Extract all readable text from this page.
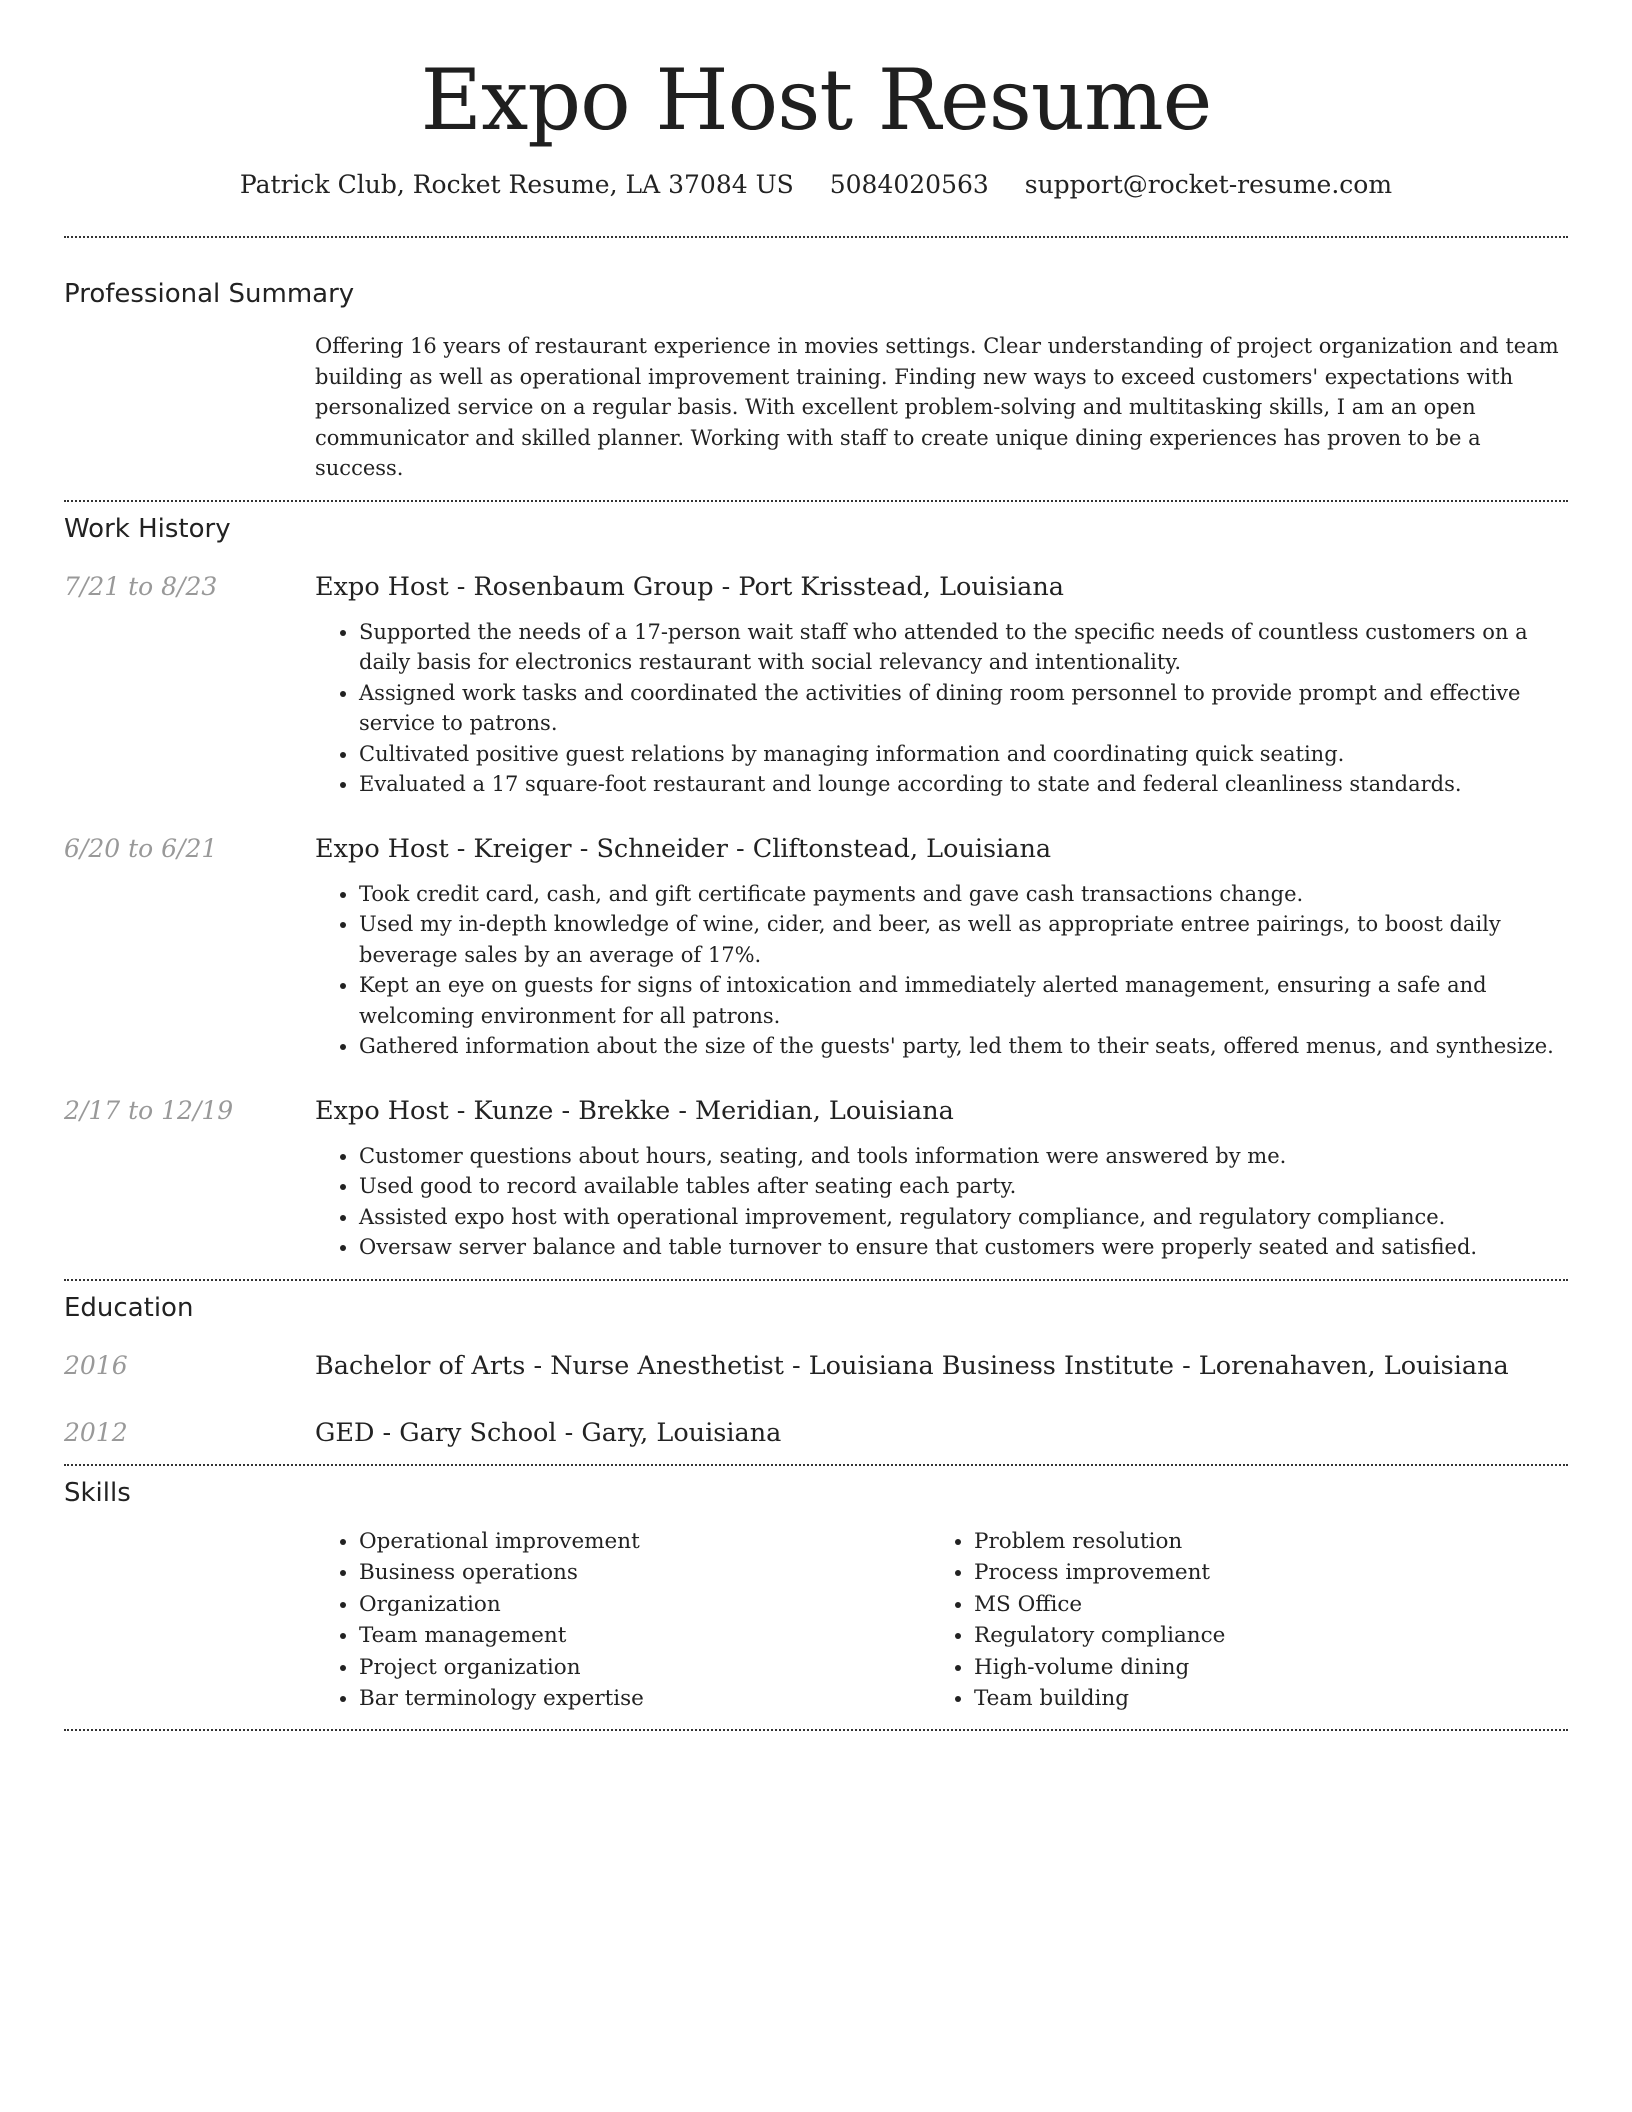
Expo Host Resume
Patrick Club, Rocket Resume, LA 37084 US 5084020563 support@rocket-resume.com
Professional Summary
Offering 16 years of restaurant experience in movies settings. Clear understanding of project organization and team building as well as operational improvement training. Finding new ways to exceed customers' expectations with personalized service on a regular basis. With excellent problem-solving and multitasking skills, I am an open communicator and skilled planner. Working with staff to create unique dining experiences has proven to be a success.
Work History
7/21 to 8/23	Expo Host - Rosenbaum Group - Port Krisstead, Louisiana
• Supported the needs of a 17-person wait staff who attended to the specific needs of countless customers on a daily basis for electronics restaurant with social relevancy and intentionality.
• Assigned work tasks and coordinated the activities of dining room personnel to provide prompt and effective service to patrons.
• Cultivated positive guest relations by managing information and coordinating quick seating.
• Evaluated a 17 square-foot restaurant and lounge according to state and federal cleanliness standards.
6/20 to 6/21	Expo Host - Kreiger - Schneider - Cliftonstead, Louisiana
• Took credit card, cash, and gift certificate payments and gave cash transactions change.
• Used my in-depth knowledge of wine, cider, and beer, as well as appropriate entree pairings, to boost daily beverage sales by an average of 17%.
• Kept an eye on guests for signs of intoxication and immediately alerted management, ensuring a safe and welcoming environment for all patrons.
• Gathered information about the size of the guests' party, led them to their seats, offered menus, and synthesize.
2/17 to 12/19	Expo Host - Kunze - Brekke - Meridian, Louisiana
• Customer questions about hours, seating, and tools information were answered by me.
• Used good to record available tables after seating each party.
• Assisted expo host with operational improvement, regulatory compliance, and regulatory compliance.
• Oversaw server balance and table turnover to ensure that customers were properly seated and satisfied.
Education
2016	Bachelor of Arts - Nurse Anesthetist - Louisiana Business Institute - Lorenahaven, Louisiana
2012	GED - Gary School - Gary, Louisiana
Skills
• Operational improvement
• Business operations
• Organization
• Team management
• Project organization
• Bar terminology expertise
• Problem resolution
• Process improvement
• MS Office
• Regulatory compliance
• High-volume dining
• Team building
